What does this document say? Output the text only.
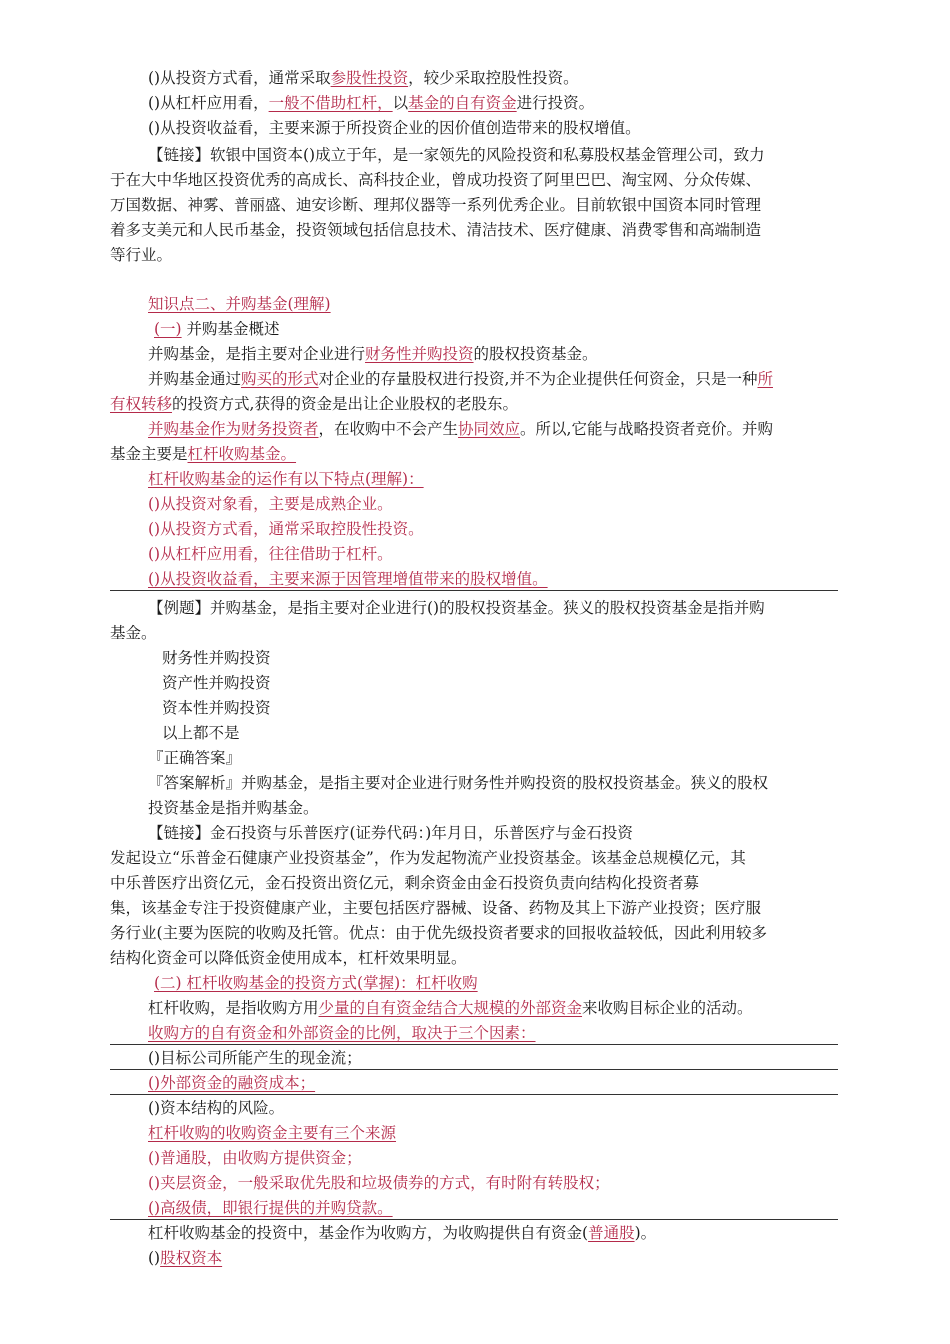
()从投资方式看，通常采取参股性投资，较少采取控股性投资。
()从杠杆应用看，一般不借助杠杆，以基金的自有资金进行投资。
()从投资收益看，主要来源于所投资企业的因价值创造带来的股权增值。
【链接】软银中国资本()成立于年，是一家领先的风险投资和私募股权基金管理公司，致力
于在大中华地区投资优秀的高成长、高科技企业，曾成功投资了阿里巴巴、淘宝网、分众传媒、
万国数据、神雾、普丽盛、迪安诊断、理邦仪器等一系列优秀企业。目前软银中国资本同时管理
着多支美元和人民币基金，投资领域包括信息技术、清洁技术、医疗健康、消费零售和高端制造
等行业。
知识点二、并购基金(理解)
(一) 并购基金概述
并购基金，是指主要对企业进行财务性并购投资的股权投资基金。
并购基金通过购买的形式对企业的存量股权进行投资,并不为企业提供任何资金，只是一种所
有权转移的投资方式,获得的资金是出让企业股权的老股东。
并购基金作为财务投资者，在收购中不会产生协同效应。所以,它能与战略投资者竞价。并购
基金主要是杠杆收购基金。
杠杆收购基金的运作有以下特点(理解)：
()从投资对象看，主要是成熟企业。
()从投资方式看，通常采取控股性投资。
()从杠杆应用看，往往借助于杠杆。
()从投资收益看，主要来源于因管理增值带来的股权增值。
【例题】并购基金，是指主要对企业进行()的股权投资基金。狭义的股权投资基金是指并购
基金。
财务性并购投资
资产性并购投资
资本性并购投资
以上都不是
『正确答案』
『答案解析』并购基金，是指主要对企业进行财务性并购投资的股权投资基金。狭义的股权
投资基金是指并购基金。
【链接】金石投资与乐普医疗(证券代码：)年月日，乐普医疗与金石投资
发起设立“乐普金石健康产业投资基金”，作为发起物流产业投资基金。该基金总规模亿元，其
中乐普医疗出资亿元，金石投资出资亿元，剩余资金由金石投资负责向结构化投资者募
集，该基金专注于投资健康产业，主要包括医疗器械、设备、药物及其上下游产业投资；医疗服
务行业(主要为医院的收购及托管。优点：由于优先级投资者要求的回报收益较低，因此利用较多
结构化资金可以降低资金使用成本，杠杆效果明显。
(二) 杠杆收购基金的投资方式(掌握)：杠杆收购
杠杆收购，是指收购方用少量的自有资金结合大规模的外部资金来收购目标企业的活动。
收购方的自有资金和外部资金的比例，取决于三个因素：
()目标公司所能产生的现金流；
()外部资金的融资成本；
()资本结构的风险。
杠杆收购的收购资金主要有三个来源
()普通股，由收购方提供资金；
()夹层资金，一般采取优先股和垃圾债券的方式，有时附有转股权；
()高级债，即银行提供的并购贷款。
杠杆收购基金的投资中，基金作为收购方，为收购提供自有资金(普通股)。
()股权资本
